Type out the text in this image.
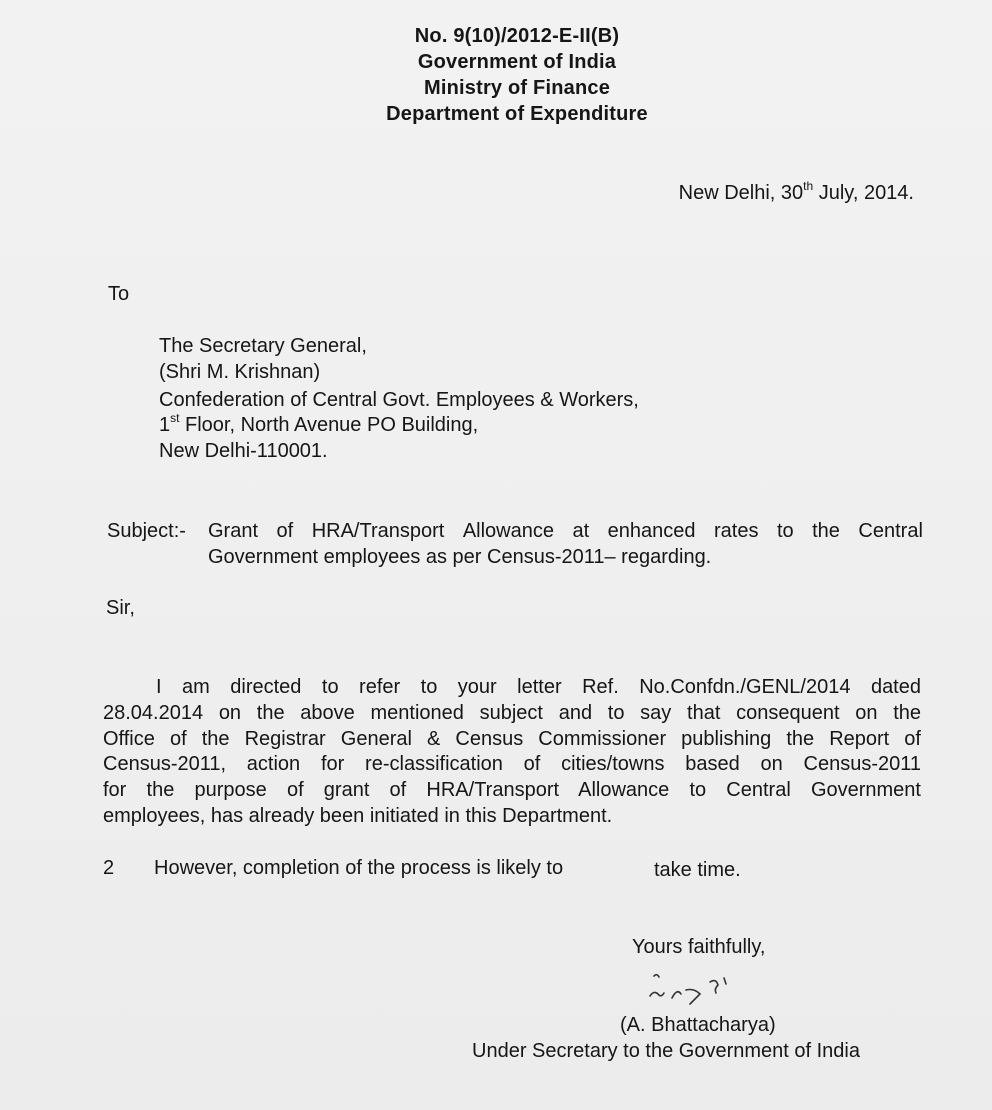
No. 9(10)/2012-E-II(B)
Government of India
Ministry of Finance
Department of Expenditure
New Delhi, 30th July, 2014.
To
The Secretary General,
(Shri M. Krishnan)
Confederation of Central Govt. Employees & Workers,
1st Floor, North Avenue PO Building,
New Delhi-110001.
Subject:- Grant of HRA/Transport Allowance at enhanced rates to the Central
Government employees as per Census-2011– regarding.
Sir,
I am directed to refer to your letter Ref. No.Confdn./GENL/2014 dated
28.04.2014 on the above mentioned subject and to say that consequent on the
Office of the Registrar General & Census Commissioner publishing the Report of
Census-2011, action for re-classification of cities/towns based on Census-2011
for the purpose of grant of HRA/Transport Allowance to Central Government
employees, has already been initiated in this Department.
2 However, completion of the process is likely to	take time.
Yours faithfully,
(A. Bhattacharya)
Under Secretary to the Government of India
